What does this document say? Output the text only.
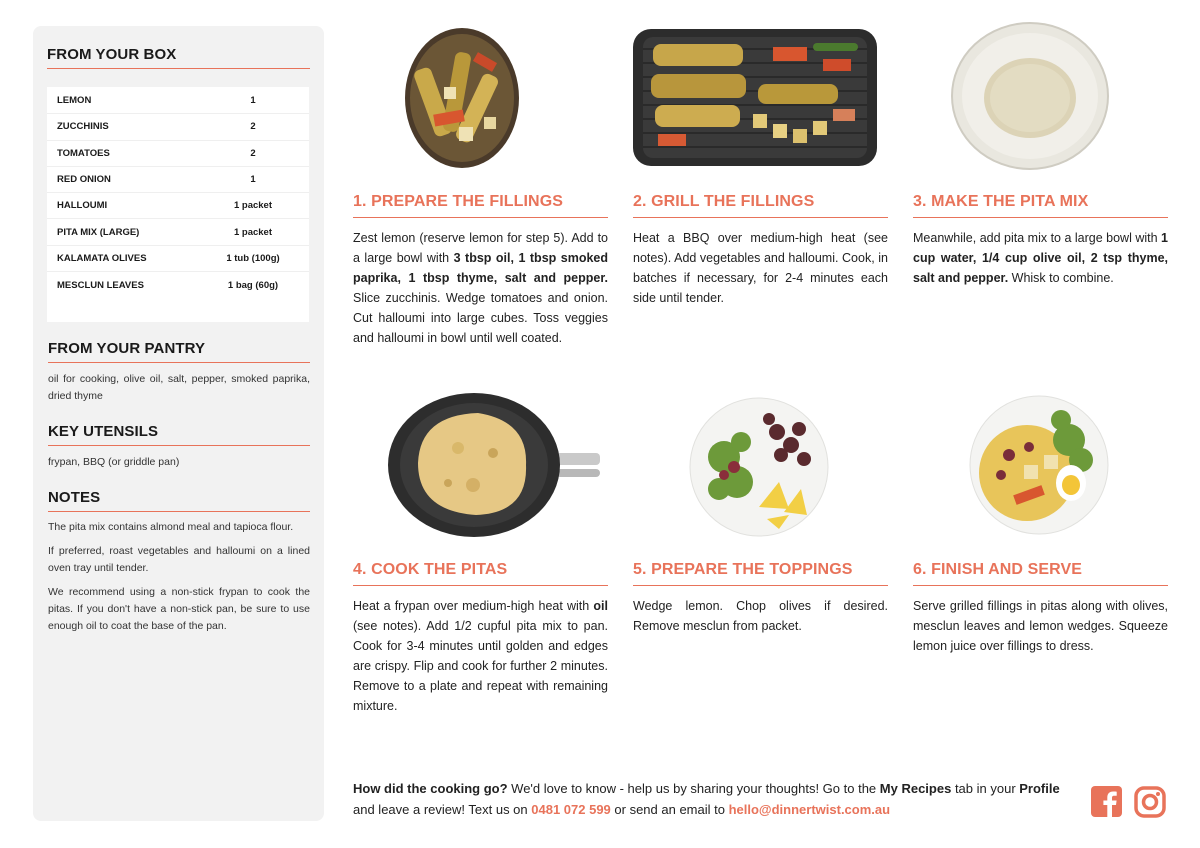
FROM YOUR BOX
LEMON	1
ZUCCHINIS	2
TOMATOES	2
RED ONION	1
HALLOUMI	1 packet
PITA MIX (LARGE)	1 packet
KALAMATA OLIVES	1 tub (100g)
MESCLUN LEAVES	1 bag (60g)
FROM YOUR PANTRY
oil for cooking, olive oil, salt, pepper, smoked paprika, dried thyme
KEY UTENSILS
frypan, BBQ (or griddle pan)
NOTES
The pita mix contains almond meal and tapioca flour.
If preferred, roast vegetables and halloumi on a lined oven tray until tender.
We recommend using a non-stick frypan to cook the pitas. If you don't have a non-stick pan, be sure to use enough oil to coat the base of the pan.
1. PREPARE THE FILLINGS
Zest lemon (reserve lemon for step 5). Add to a large bowl with 3 tbsp oil, 1 tbsp smoked paprika, 1 tbsp thyme, salt and pepper. Slice zucchinis. Wedge tomatoes and onion. Cut halloumi into large cubes. Toss veggies and halloumi in bowl until well coated.
2. GRILL THE FILLINGS
Heat a BBQ over medium-high heat (see notes). Add vegetables and halloumi. Cook, in batches if necessary, for 2-4 minutes each side until tender.
3. MAKE THE PITA MIX
Meanwhile, add pita mix to a large bowl with 1 cup water, 1/4 cup olive oil, 2 tsp thyme, salt and pepper. Whisk to combine.
4. COOK THE PITAS
Heat a frypan over medium-high heat with oil (see notes). Add 1/2 cupful pita mix to pan. Cook for 3-4 minutes until golden and edges are crispy. Flip and cook for further 2 minutes. Remove to a plate and repeat with remaining mixture.
5. PREPARE THE TOPPINGS
Wedge lemon. Chop olives if desired. Remove mesclun from packet.
6. FINISH AND SERVE
Serve grilled fillings in pitas along with olives, mesclun leaves and lemon wedges. Squeeze lemon juice over fillings to dress.
How did the cooking go? We'd love to know - help us by sharing your thoughts! Go to the My Recipes tab in your Profile and leave a review! Text us on 0481 072 599 or send an email to hello@dinnertwist.com.au
